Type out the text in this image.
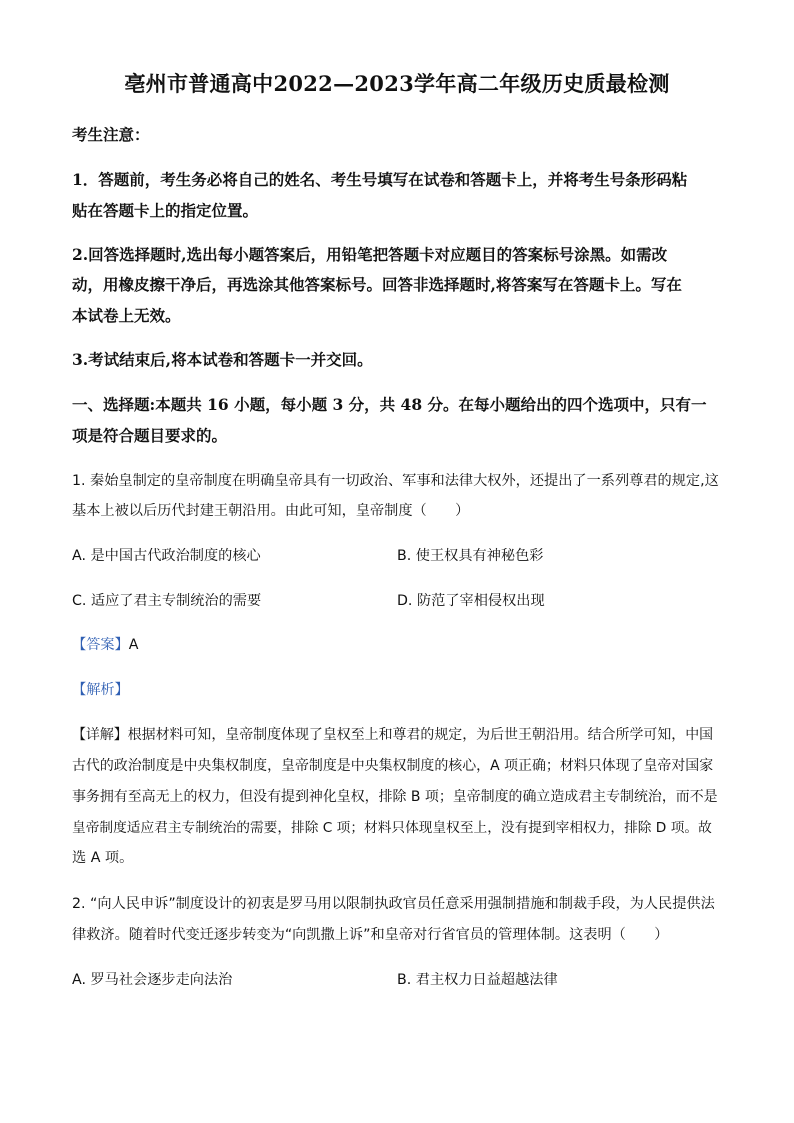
亳州市普通高中2022—2023学年高二年级历史质最检测
考生注意：
1．答题前，考生务必将自己的姓名、考生号填写在试卷和答题卡上，并将考生号条形码粘
贴在答题卡上的指定位置。
2.回答选择题时,选出每小题答案后，用铅笔把答题卡对应题目的答案标号涂黑。如需改
动，用橡皮擦干净后，再选涂其他答案标号。回答非选择题时,将答案写在答题卡上。写在
本试卷上无效。
3.考试结束后,将本试卷和答题卡一并交回。
一、选择题:本题共 16 小题，每小题 3 分，共 48 分。在每小题给出的四个选项中，只有一
项是符合题目要求的。
1. 秦始皇制定的皇帝制度在明确皇帝具有一切政治、军事和法律大权外，还提出了一系列尊君的规定,这
基本上被以后历代封建王朝沿用。由此可知，皇帝制度（　　）
A. 是中国古代政治制度的核心	B. 使王权具有神秘色彩
C. 适应了君主专制统治的需要	D. 防范了宰相侵权出现
【答案】A
【解析】
【详解】根据材料可知，皇帝制度体现了皇权至上和尊君的规定，为后世王朝沿用。结合所学可知，中国
古代的政治制度是中央集权制度，皇帝制度是中央集权制度的核心，A 项正确；材料只体现了皇帝对国家
事务拥有至高无上的权力，但没有提到神化皇权，排除 B 项；皇帝制度的确立造成君主专制统治，而不是
皇帝制度适应君主专制统治的需要，排除 C 项；材料只体现皇权至上，没有提到宰相权力，排除 D 项。故
选 A 项。
2. “向人民申诉”制度设计的初衷是罗马用以限制执政官员任意采用强制措施和制裁手段，为人民提供法
律救济。随着时代变迁逐步转变为“向凯撒上诉”和皇帝对行省官员的管理体制。这表明（　　）
A. 罗马社会逐步走向法治	B. 君主权力日益超越法律
